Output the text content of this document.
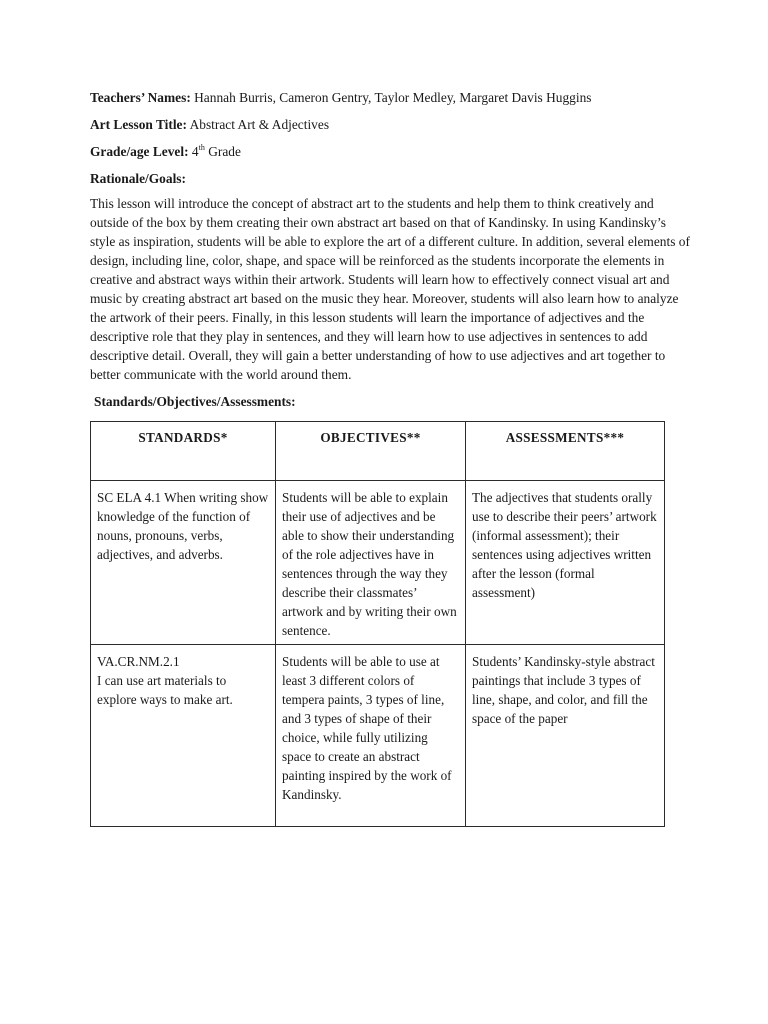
Teachers’ Names: Hannah Burris, Cameron Gentry, Taylor Medley, Margaret Davis Huggins

Art Lesson Title: Abstract Art & Adjectives

Grade/age Level: 4th Grade

Rationale/Goals:

This lesson will introduce the concept of abstract art to the students and help them to think creatively and outside of the box by them creating their own abstract art based on that of Kandinsky. In using Kandinsky’s style as inspiration, students will be able to explore the art of a different culture. In addition, several elements of design, including line, color, shape, and space will be reinforced as the students incorporate the elements in creative and abstract ways within their artwork. Students will learn how to effectively connect visual art and music by creating abstract art based on the music they hear. Moreover, students will also learn how to analyze the artwork of their peers. Finally, in this lesson students will learn the importance of adjectives and the descriptive role that they play in sentences, and they will learn how to use adjectives in sentences to add descriptive detail. Overall, they will gain a better understanding of how to use adjectives and art together to better communicate with the world around them.

Standards/Objectives/Assessments:

STANDARDS*	OBJECTIVES**	ASSESSMENTS***

SC ELA 4.1 When writing show knowledge of the function of nouns, pronouns, verbs, adjectives, and adverbs.	Students will be able to explain their use of adjectives and be able to show their understanding of the role adjectives have in sentences through the way they describe their classmates’ artwork and by writing their own sentence.	The adjectives that students orally use to describe their peers’ artwork (informal assessment); their sentences using adjectives written after the lesson (formal assessment)

VA.CR.NM.2.1
I can use art materials to explore ways to make art.	Students will be able to use at least 3 different colors of tempera paints, 3 types of line, and 3 types of shape of their choice, while fully utilizing space to create an abstract painting inspired by the work of Kandinsky.	Students’ Kandinsky-style abstract paintings that include 3 types of line, shape, and color, and fill the space of the paper
